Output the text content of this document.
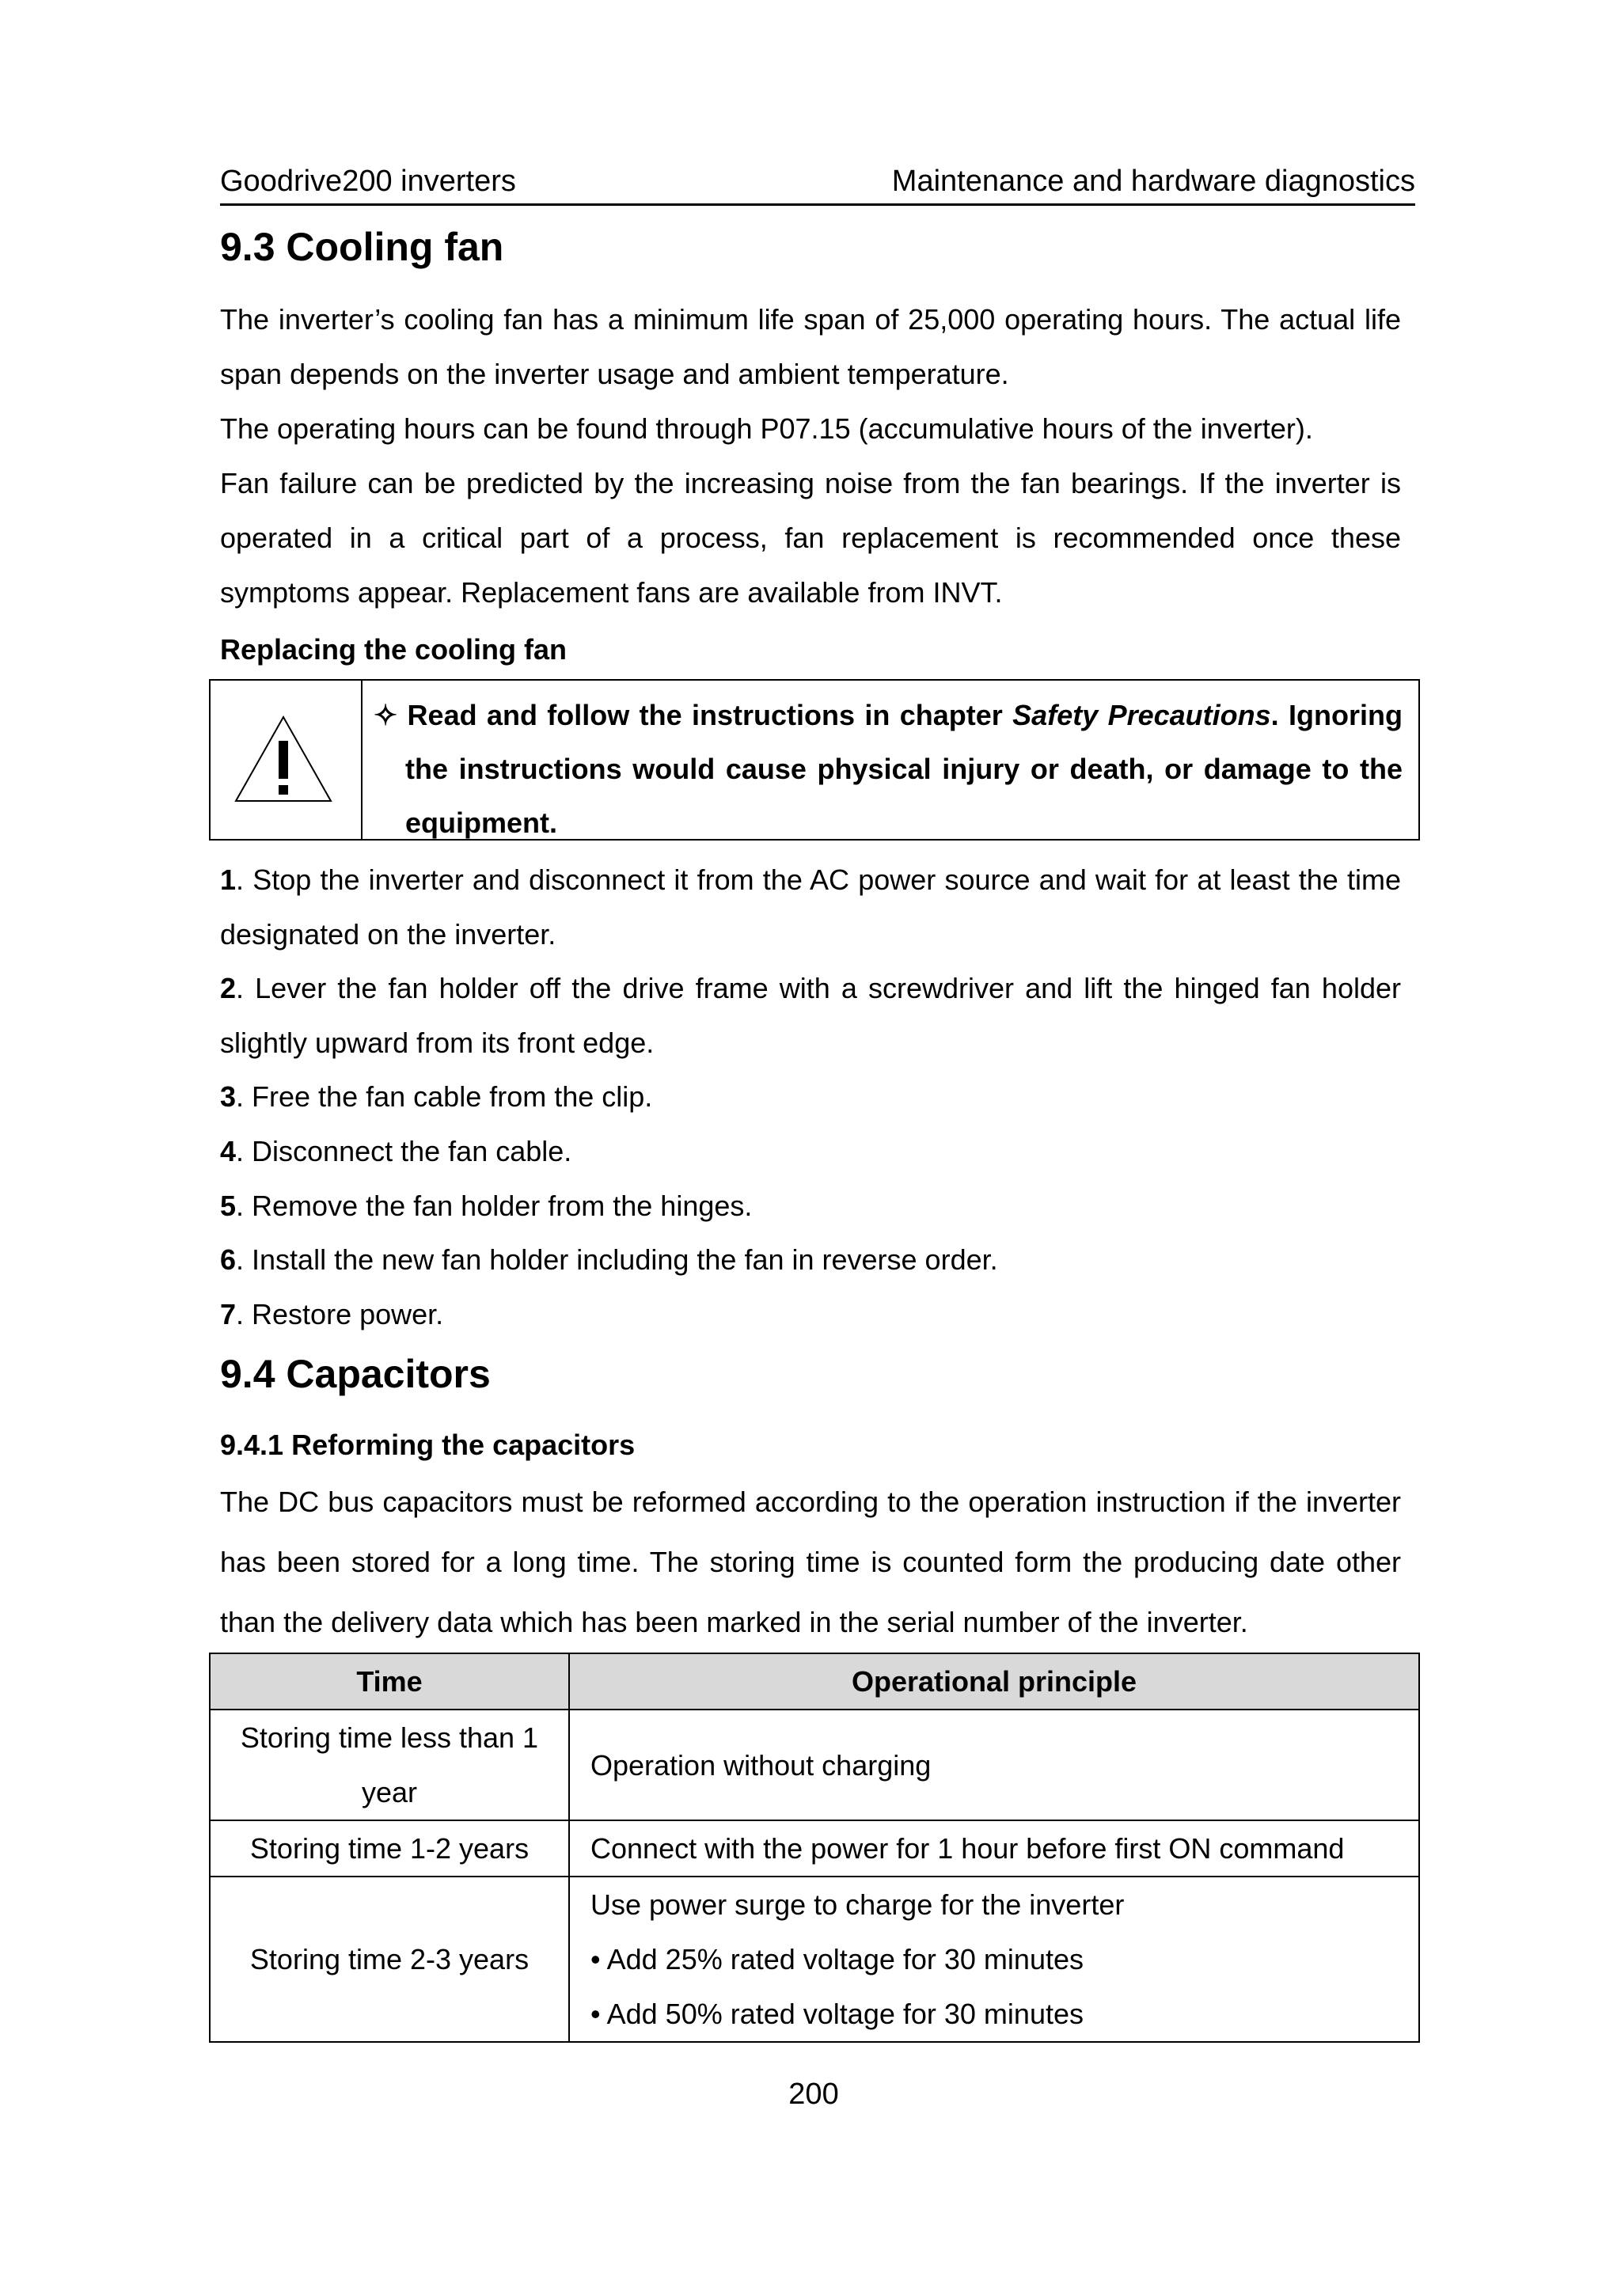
Goodrive200 inverters	Maintenance and hardware diagnostics
9.3 Cooling fan

The inverter’s cooling fan has a minimum life span of 25,000 operating hours. The actual life span depends on the inverter usage and ambient temperature.

The operating hours can be found through P07.15 (accumulative hours of the inverter).

Fan failure can be predicted by the increasing noise from the fan bearings. If the inverter is operated in a critical part of a process, fan replacement is recommended once these symptoms appear. Replacement fans are available from INVT.

Replacing the cooling fan
✧ Read and follow the instructions in chapter Safety Precautions. Ignoring the instructions would cause physical injury or death, or damage to the equipment.

1. Stop the inverter and disconnect it from the AC power source and wait for at least the time designated on the inverter.

2. Lever the fan holder off the drive frame with a screwdriver and lift the hinged fan holder slightly upward from its front edge.

3. Free the fan cable from the clip.

4. Disconnect the fan cable.

5. Remove the fan holder from the hinges.

6. Install the new fan holder including the fan in reverse order.

7. Restore power.

9.4 Capacitors
9.4.1 Reforming the capacitors
The DC bus capacitors must be reformed according to the operation instruction if the inverter has been stored for a long time. The storing time is counted form the producing date other than the delivery data which has been marked in the serial number of the inverter.
Time	Operational principle
Storing time less than 1 year	Operation without charging
Storing time 1-2 years	Connect with the power for 1 hour before first ON command
Storing time 2-3 years	Use power surge to charge for the inverter
• Add 25% rated voltage for 30 minutes
• Add 50% rated voltage for 30 minutes
200
